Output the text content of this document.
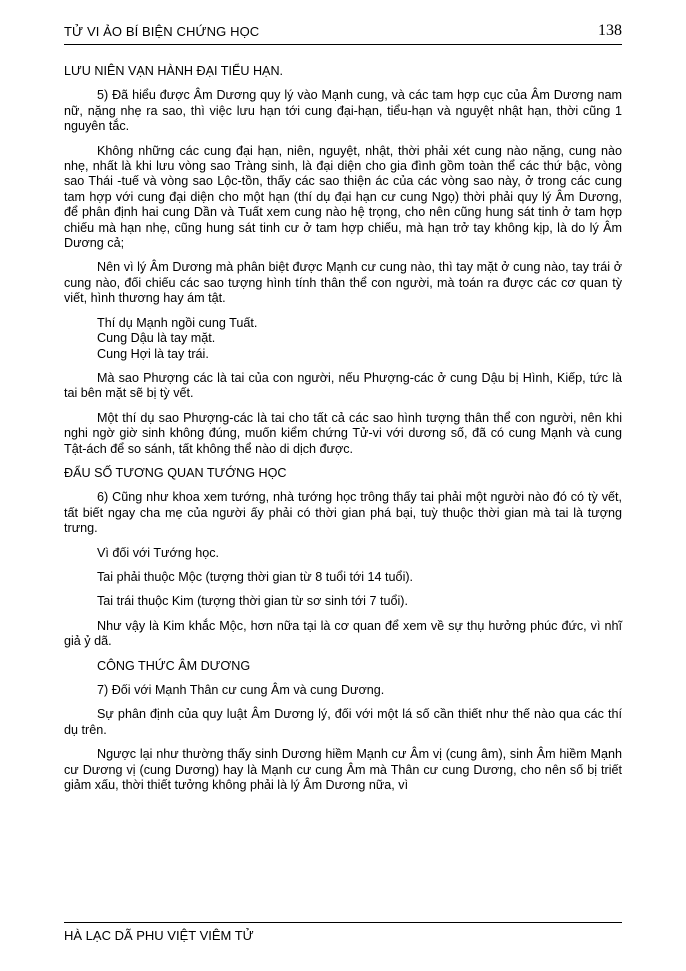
TỬ VI ẢO BÍ BIỆN CHỨNG HỌC	138

LƯU NIÊN VẠN HÀNH ĐẠI TIỂU HẠN.

5) Đã hiểu được Âm Dương quy lý vào Mạnh cung, và các tam hợp cục của Âm Dương nam nữ, nặng nhẹ ra sao, thì việc lưu hạn tới cung đại-hạn, tiểu-hạn và nguyệt nhật hạn, thời cũng 1 nguyên tắc.

Không những các cung đại hạn, niên, nguyệt, nhật, thời phải xét cung nào nặng, cung nào nhẹ, nhất là khi lưu vòng sao Tràng sinh, là đại diện cho gia đình gồm toàn thể các thứ bậc, vòng sao Thái -tuế và vòng sao Lộc-tồn, thấy các sao thiện ác của các vòng sao này, ở trong các cung tam hợp với cung đại diện cho một hạn (thí dụ đại hạn cư cung Ngọ) thời phải quy lý Âm Dương, để phân định hai cung Dần và Tuất xem cung nào hệ trọng, cho nên cũng hung sát tinh ở tam hợp chiếu mà hạn nhẹ, cũng hung sát tinh cư ở tam hợp chiếu, mà hạn trở tay không kịp, là do lý Âm Dương cả;

Nên vì lý Âm Dương mà phân biệt được Mạnh cư cung nào, thì tay mặt ở cung nào, tay trái ở cung nào, đối chiếu các sao tượng hình tính thân thể con người, mà toán ra được các cơ quan tỳ viết, hình thương hay ám tật.

Thí dụ Mạnh ngồi cung Tuất.
Cung Dậu là tay mặt.
Cung Hợi là tay trái.

Mà sao Phượng các là tai của con người, nếu Phượng-các ở cung Dậu bị Hình, Kiếp, tức là tai bên mặt sẽ bị tỳ vết.

Một thí dụ sao Phượng-các là tai cho tất cả các sao hình tượng thân thể con người, nên khi nghi ngờ giờ sinh không đúng, muốn kiểm chứng Tử-vi với dương số, đã có cung Mạnh và cung Tật-ách để so sánh, tất không thể nào di dịch được.

ĐẨU SỐ TƯƠNG QUAN TƯỚNG HỌC

6) Cũng như khoa xem tướng, nhà tướng học trông thấy tai phải một người nào đó có tỳ vết, tất biết ngay cha mẹ của người ấy phải có thời gian phá bại, tuỳ thuộc thời gian mà tai là tượng trưng.

Vì đối với Tướng học.

Tai phải thuộc Mộc (tượng thời gian từ 8 tuổi tới 14 tuổi).

Tai trái thuộc Kim (tượng thời gian từ sơ sinh tới 7 tuổi).

Như vậy là Kim khắc Mộc, hơn nữa tại là cơ quan để xem về sự thụ hưởng phúc đức, vì nhĩ giả ỷ dã.

CÔNG THỨC ÂM DƯƠNG

7) Đối với Mạnh Thân cư cung Âm và cung Dương.

Sự phân định của quy luật Âm Dương lý, đối với một lá số cần thiết như thế nào qua các thí dụ trên.

Ngược lại như thường thấy sinh Dương hiềm Mạnh cư Âm vị (cung âm), sinh Âm hiềm Mạnh cư Dương vị (cung Dương) hay là Mạnh cư cung Âm mà Thân cư cung Dương, cho nên số bị triết giảm xấu, thời thiết tưởng không phải là lý Âm Dương nữa, vì

HÀ LẠC DÃ PHU VIỆT VIÊM TỬ
